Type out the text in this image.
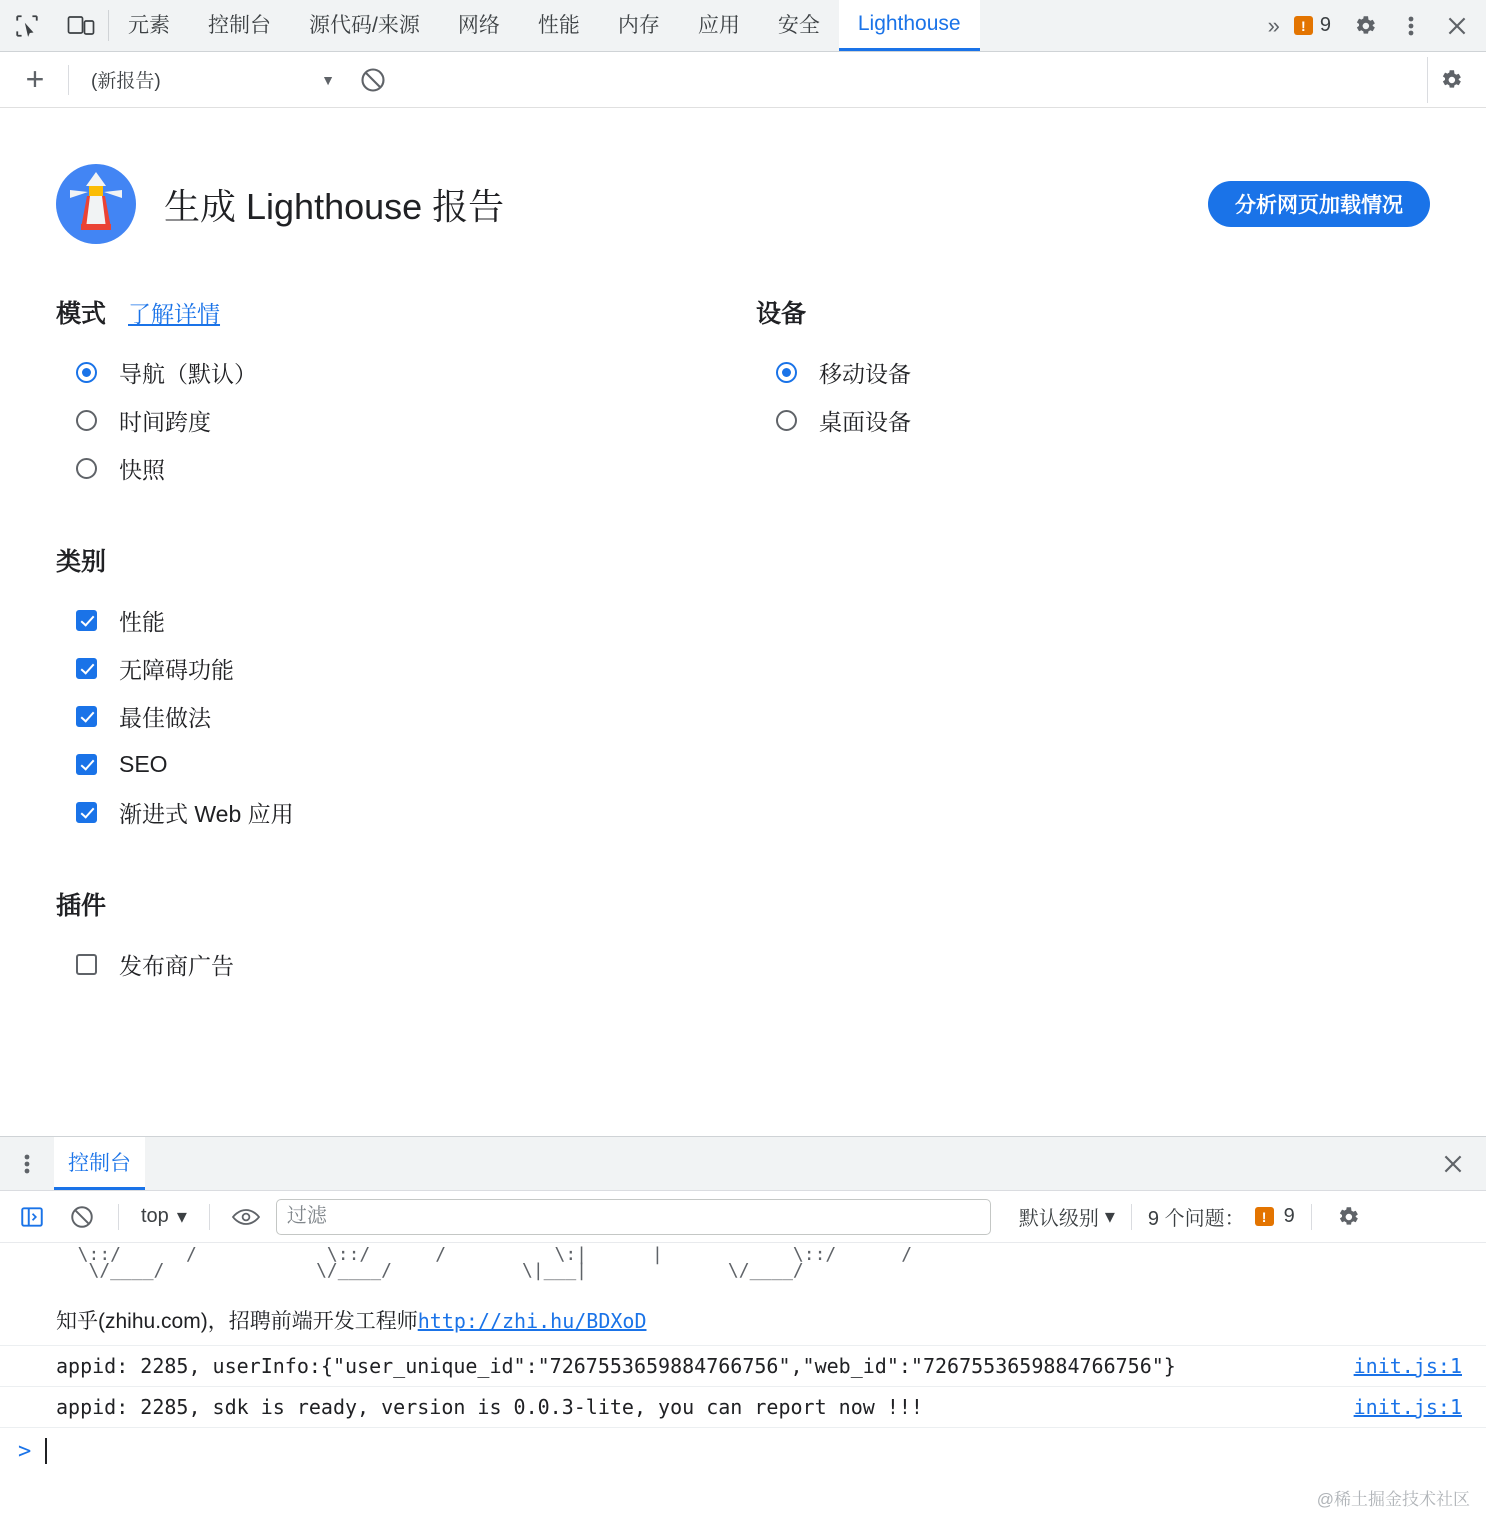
元素	控制台	源代码/来源	网络	性能	内存	应用	安全	Lighthouse	»	! 9
+	(新报告)	▼
生成 Lighthouse 报告	分析网页加载情况
模式 了解详情
导航（默认）
时间跨度
快照
类别
性能
无障碍功能
最佳做法
SEO
渐进式 Web 应用
插件
发布商广告
设备
移动设备
桌面设备
控制台
top ▾
过滤	默认级别 ▾ 9 个问题：	! 9
\::/      /            \::/      /          \:|      |            \::/      /
\/____/              \/____/            \|___|             \/____/
知乎(zhihu.com)，招聘前端开发工程师 http://zhi.hu/BDXoD
appid: 2285, userInfo:{"user_unique_id":"7267553659884766756","web_id":"7267553659884766756"}	init.js:1
appid: 2285, sdk is ready, version is 0.0.3-lite, you can report now !!!	init.js:1
>
@稀土掘金技术社区
